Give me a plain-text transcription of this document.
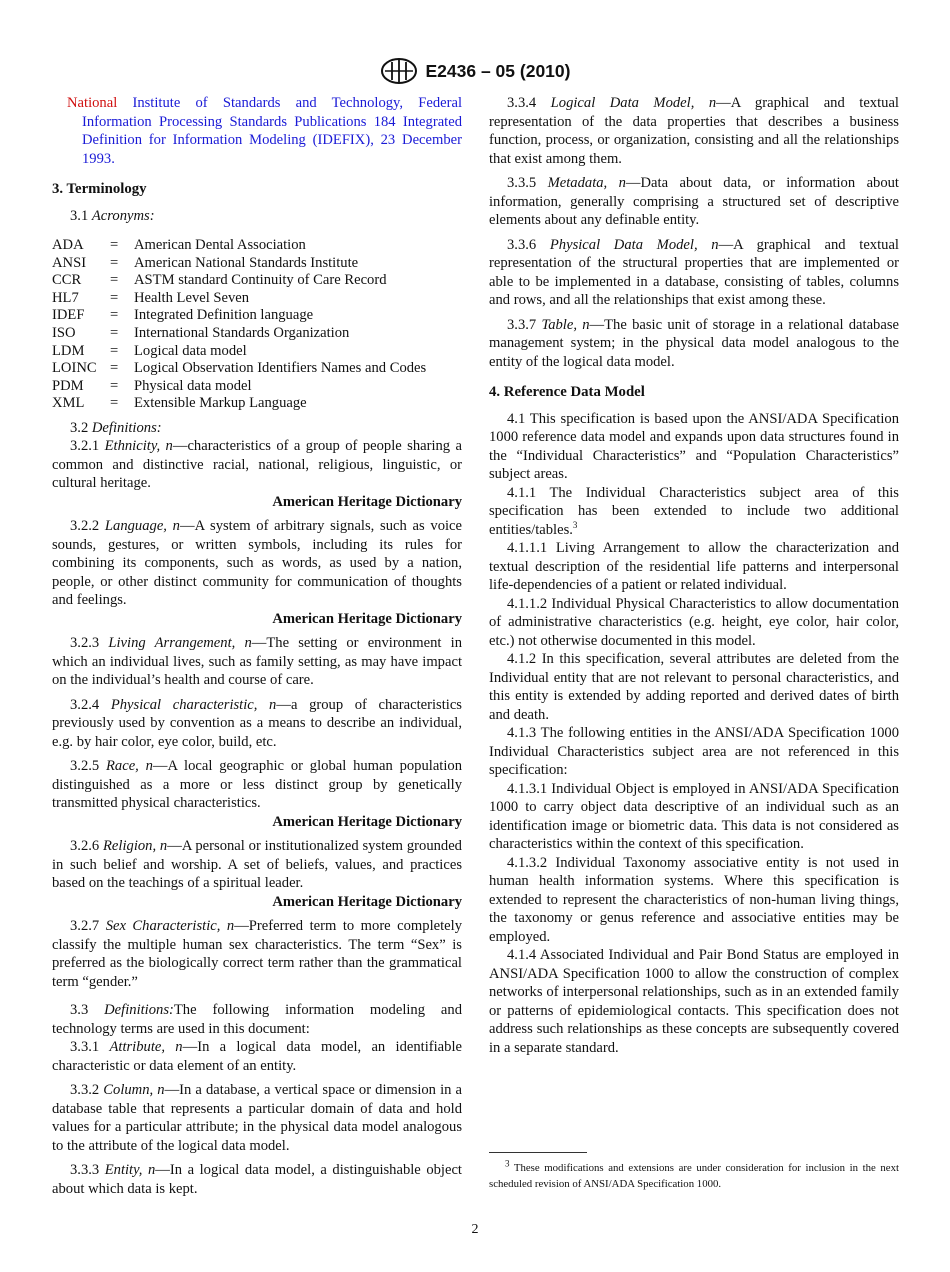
E2436 – 05 (2010)

National Institute of Standards and Technology, Federal Information Processing Standards Publications 184 Integrated Definition for Information Modeling (IDEFIX), 23 December 1993.

3. Terminology

3.1 Acronyms:

ADA	=	American Dental Association
ANSI	=	American National Standards Institute
CCR	=	ASTM standard Continuity of Care Record
HL7	=	Health Level Seven
IDEF	=	Integrated Definition language
ISO	=	International Standards Organization
LDM	=	Logical data model
LOINC	=	Logical Observation Identifiers Names and Codes
PDM	=	Physical data model
XML	=	Extensible Markup Language

3.2 Definitions:

3.2.1 Ethnicity, n—characteristics of a group of people sharing a common and distinctive racial, national, religious, linguistic, or cultural heritage.

American Heritage Dictionary

3.2.2 Language, n—A system of arbitrary signals, such as voice sounds, gestures, or written symbols, including its rules for combining its components, such as words, as used by a nation, people, or other distinct community for communication of thoughts and feelings.

American Heritage Dictionary

3.2.3 Living Arrangement, n—The setting or environment in which an individual lives, such as family setting, as may have impact on the individual’s health and course of care.

3.2.4 Physical characteristic, n—a group of characteristics previously used by convention as a means to describe an individual, e.g. by hair color, eye color, build, etc.

3.2.5 Race, n—A local geographic or global human population distinguished as a more or less distinct group by genetically transmitted physical characteristics.

American Heritage Dictionary

3.2.6 Religion, n—A personal or institutionalized system grounded in such belief and worship. A set of beliefs, values, and practices based on the teachings of a spiritual leader.

American Heritage Dictionary

3.2.7 Sex Characteristic, n—Preferred term to more completely classify the multiple human sex characteristics. The term “Sex” is preferred as the biologically correct term rather than the grammatical term “gender.”

3.3 Definitions:The following information modeling and technology terms are used in this document:

3.3.1 Attribute, n—In a logical data model, an identifiable characteristic or data element of an entity.

3.3.2 Column, n—In a database, a vertical space or dimension in a database table that represents a particular domain of data and hold values for a particular attribute; in the physical data model analogous to the attribute of the logical data model.

3.3.3 Entity, n—In a logical data model, a distinguishable object about which data is kept.

3.3.4 Logical Data Model, n—A graphical and textual representation of the data properties that describes a business function, process, or organization, consisting and all the relationships that exist among them.

3.3.5 Metadata, n—Data about data, or information about information, generally comprising a structured set of descriptive elements about any definable entity.

3.3.6 Physical Data Model, n—A graphical and textual representation of the structural properties that are implemented or able to be implemented in a database, consisting of tables, columns and rows, and all the relationships that exist among these.

3.3.7 Table, n—The basic unit of storage in a relational database management system; in the physical data model analogous to the entity of the logical data model.

4. Reference Data Model

4.1 This specification is based upon the ANSI/ADA Specification 1000 reference data model and expands upon data structures found in the “Individual Characteristics” and “Population Characteristics” subject areas.

4.1.1 The Individual Characteristics subject area of this specification has been extended to include two additional entities/tables.$^3$

4.1.1.1 Living Arrangement to allow the characterization and textual description of the residential life patterns and interpersonal life-dependencies of a patient or related individual.

4.1.1.2 Individual Physical Characteristics to allow documentation of administrative characteristics (e.g. height, eye color, hair color, etc.) not otherwise documented in this model.

4.1.2 In this specification, several attributes are deleted from the Individual entity that are not relevant to personal characteristics, and this entity is extended by adding reported and derived dates of birth and death.

4.1.3 The following entities in the ANSI/ADA Specification 1000 Individual Characteristics subject area are not referenced in this specification:

4.1.3.1 Individual Object is employed in ANSI/ADA Specification 1000 to carry object data descriptive of an individual such as an identification image or biometric data. This data is not considered as characteristics within the context of this specification.

4.1.3.2 Individual Taxonomy associative entity is not used in human health information systems. Where this specification is extended to represent the characteristics of non-human living things, the taxonomy or genus reference and associative entities may be employed.

4.1.4 Associated Individual and Pair Bond Status are employed in ANSI/ADA Specification 1000 to allow the construction of complex networks of interpersonal relationships, such as in an extended family or patterns of epidemiological contacts. This specification does not address such relationships as these concepts are subsequently covered in a separate standard.

$^3$ These modifications and extensions are under consideration for inclusion in the next scheduled revision of ANSI/ADA Specification 1000.

2
